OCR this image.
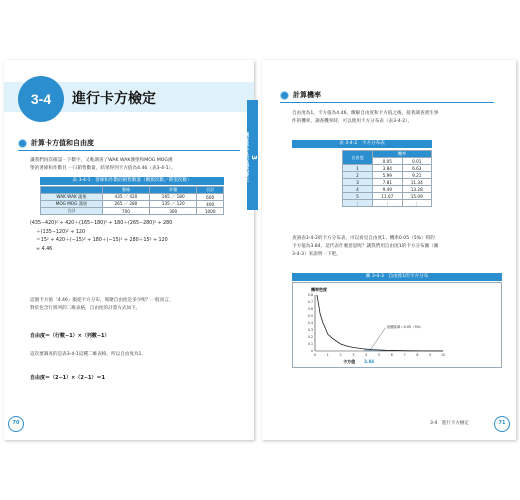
3-4	進行卡方檢定
計算卡方值和自由度
讓我們再次確認一下數字，又唯調查了WAK WAK漢堡和MOG MOG漢
堡的著條和作數目 一日銷售數量，結果得到卡方值為4.46（表3-4-1）。
表 3-4-1　著條和作數的銷售數量（觀測次數／期望次數）
	薯條	炸雞	合計
WAK WAK 漢堡	435 ／ 420	165 ／ 180	600
MOG MOG 漢堡	265 ／ 280	135 ／ 120	400
合計	700	300	1000
(435−420)² ÷ 420＋(165−180)² ÷ 180＋(265−280)² ÷ 280
＋(135−120)² ÷ 120
＝15² ÷ 420＋(−15)² ÷ 180＋(−15)² ÷ 280＋15² ÷ 120
≈ 4.46
這個卡方值「4.46」服從卡方分布，那麼自由度是多少呢？一般而言，
對於包含行與列的二維表格，自由度的計算方式如下。
自由度＝（行數−1）×（列數−1）
這次要調查的是表3-4-1這種二維表格，所以自由度為1。
自由度＝（2−1）×（2−1）＝1
70
計算機率
自由度為1，卡方值為4.46，瞭解自由度和卡方值之後，接著調查發生事
件的機率，調查機率時，可以使用卡方分布表（表3-4-2）。
表 3-4-2　卡方分布表
自由度	機率	
	0.05	0.01
1	3.84	6.63
2	5.99	9.21
3	7.81	11.34
4	9.49	13.28
5	11.07	15.09
⋮	⋮	⋮
查詢表3-4-2的卡方分布表，可以看見自由度1、機率0.05（5%）時的
卡方值為3.84，這代表什麼意思呢？讓我們用自由度1的卡方分布圖（圖
3-4-3）來說明一下吧。
圖 3-4-3　自由度1的卡方分布
0	1	2	3	4	5	6	7	8	9	10
0
0.1
0.2
0.3
0.4
0.5
0.6
0.7
0.8
機率密度
卡方值 3.84
這個區域＝0.05（5%）
3-4　進行卡方檢定	71
3
調查事件是否偶然發生
